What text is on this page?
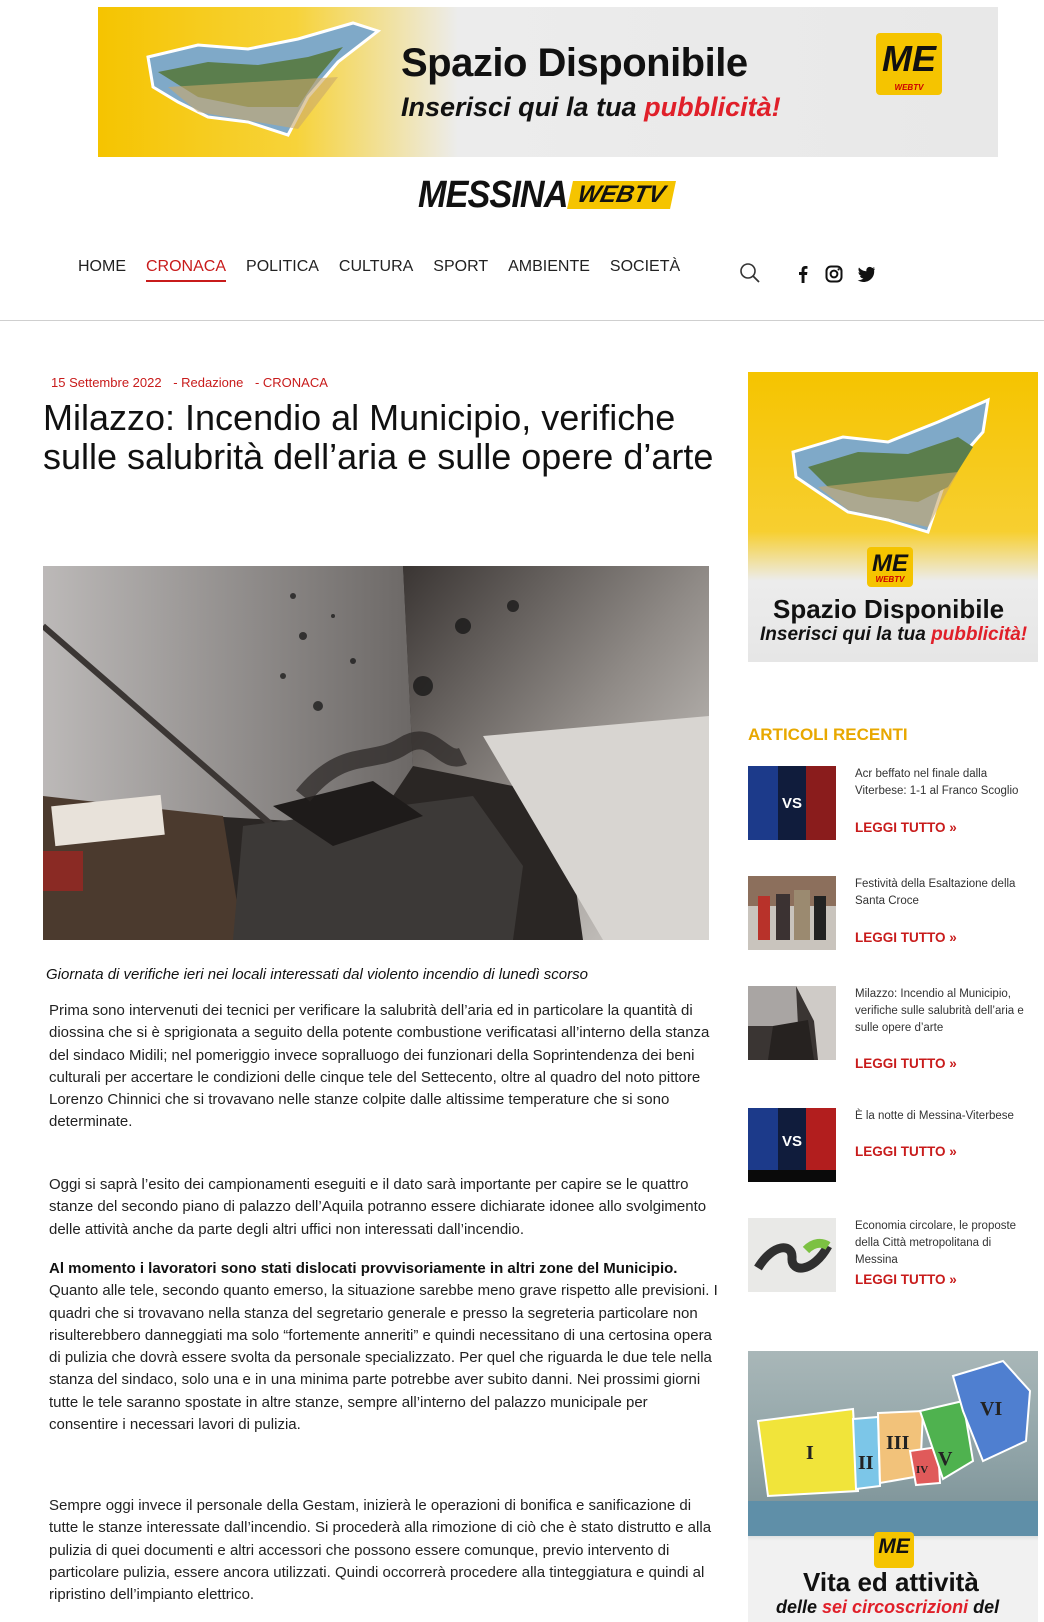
Spazio Disponibile
Inserisci qui la tua pubblicità!
ME
WEBTV
MESSINA WEBTV
HOME CRONACA POLITICA CULTURA SPORT AMBIENTE SOCIETÀ
15 Settembre 2022 - Redazione - CRONACA
Milazzo: Incendio al Municipio, verifiche sulle salubrità dell’aria e sulle opere d’arte
Giornata di verifiche ieri nei locali interessati dal violento incendio di lunedì scorso

Prima sono intervenuti dei tecnici per verificare la salubrità dell’aria ed in particolare la quantità di diossina che si è sprigionata a seguito della potente combustione verificatasi all’interno della stanza del sindaco Midili; nel pomeriggio invece sopralluogo dei funzionari della Soprintendenza dei beni culturali per accertare le condizioni delle cinque tele del Settecento, oltre al quadro del noto pittore Lorenzo Chinnici che si trovavano nelle stanze colpite dalle altissime temperature che si sono determinate.

Oggi si saprà l’esito dei campionamenti eseguiti e il dato sarà importante per capire se le quattro stanze del secondo piano di palazzo dell’Aquila potranno essere dichiarate idonee allo svolgimento delle attività anche da parte degli altri uffici non interessati dall’incendio.

Al momento i lavoratori sono stati dislocati provvisoriamente in altri zone del Municipio.
Quanto alle tele, secondo quanto emerso, la situazione sarebbe meno grave rispetto alle previsioni. I quadri che si trovavano nella stanza del segretario generale e presso la segreteria particolare non risulterebbero danneggiati ma solo “fortemente anneriti” e quindi necessitano di una certosina opera di pulizia che dovrà essere svolta da personale specializzato. Per quel che riguarda le due tele nella stanza del sindaco, solo una e in una minima parte potrebbe aver subito danni. Nei prossimi giorni tutte le tele saranno spostate in altre stanze, sempre all’interno del palazzo municipale per consentire i necessari lavori di pulizia.

Sempre oggi invece il personale della Gestam, inizierà le operazioni di bonifica e sanificazione di tutte le stanze interessate dall’incendio. Si procederà alla rimozione di ciò che è stato distrutto e alla pulizia di quei documenti e altri accessori che possono essere comunque, previo intervento di particolare pulizia, essere ancora utilizzati. Quindi occorrerà procedere alla tinteggiatura e quindi al ripristino dell’impianto elettrico.

ME
WEBTV
Spazio Disponibile
Inserisci qui la tua pubblicità!
ARTICOLI RECENTI
VS
Acr beffato nel finale dalla Viterbese: 1-1 al Franco Scoglio
LEGGI TUTTO »
Festività della Esaltazione della Santa Croce
LEGGI TUTTO »
Milazzo: Incendio al Municipio, verifiche sulle salubrità dell’aria e sulle opere d’arte
LEGGI TUTTO »
VS
È la notte di Messina-Viterbese
LEGGI TUTTO »
Economia circolare, le proposte della Città metropolitana di Messina
LEGGI TUTTO »
I II
III
IV V
VI
ME
Vita ed attività
delle sei circoscrizioni del
